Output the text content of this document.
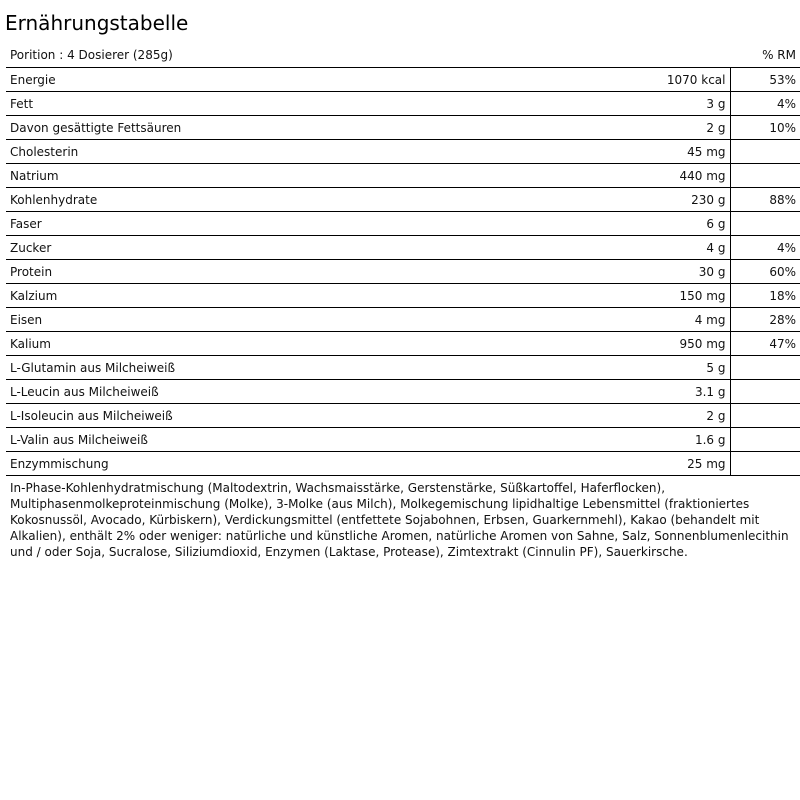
Ernährungstabelle
Porition : 4 Dosierer (285g)		% RM
Energie	1070 kcal	53%
Fett	3 g	4%
Davon gesättigte Fettsäuren	2 g	10%
Cholesterin	45 mg	
Natrium	440 mg	
Kohlenhydrate	230 g	88%
Faser	6 g	
Zucker	4 g	4%
Protein	30 g	60%
Kalzium	150 mg	18%
Eisen	4 mg	28%
Kalium	950 mg	47%
L-Glutamin aus Milcheiweiß	5 g	
L-Leucin aus Milcheiweiß	3.1 g	
L-Isoleucin aus Milcheiweiß	2 g	
L-Valin aus Milcheiweiß	1.6 g	
Enzymmischung	25 mg	

In-Phase-Kohlenhydratmischung (Maltodextrin, Wachsmaisstärke, Gerstenstärke, Süßkartoffel, Haferflocken), Multiphasenmolkeproteinmischung (Molke), 3-Molke (aus Milch), Molkegemischung lipidhaltige Lebensmittel (fraktioniertes Kokosnussöl, Avocado, Kürbiskern), Verdickungsmittel (entfettete Sojabohnen, Erbsen, Guarkernmehl), Kakao (behandelt mit Alkalien), enthält 2% oder weniger: natürliche und künstliche Aromen, natürliche Aromen von Sahne, Salz, Sonnenblumenlecithin und / oder Soja, Sucralose, Siliziumdioxid, Enzymen (Laktase, Protease), Zimtextrakt (Cinnulin PF), Sauerkirsche.
